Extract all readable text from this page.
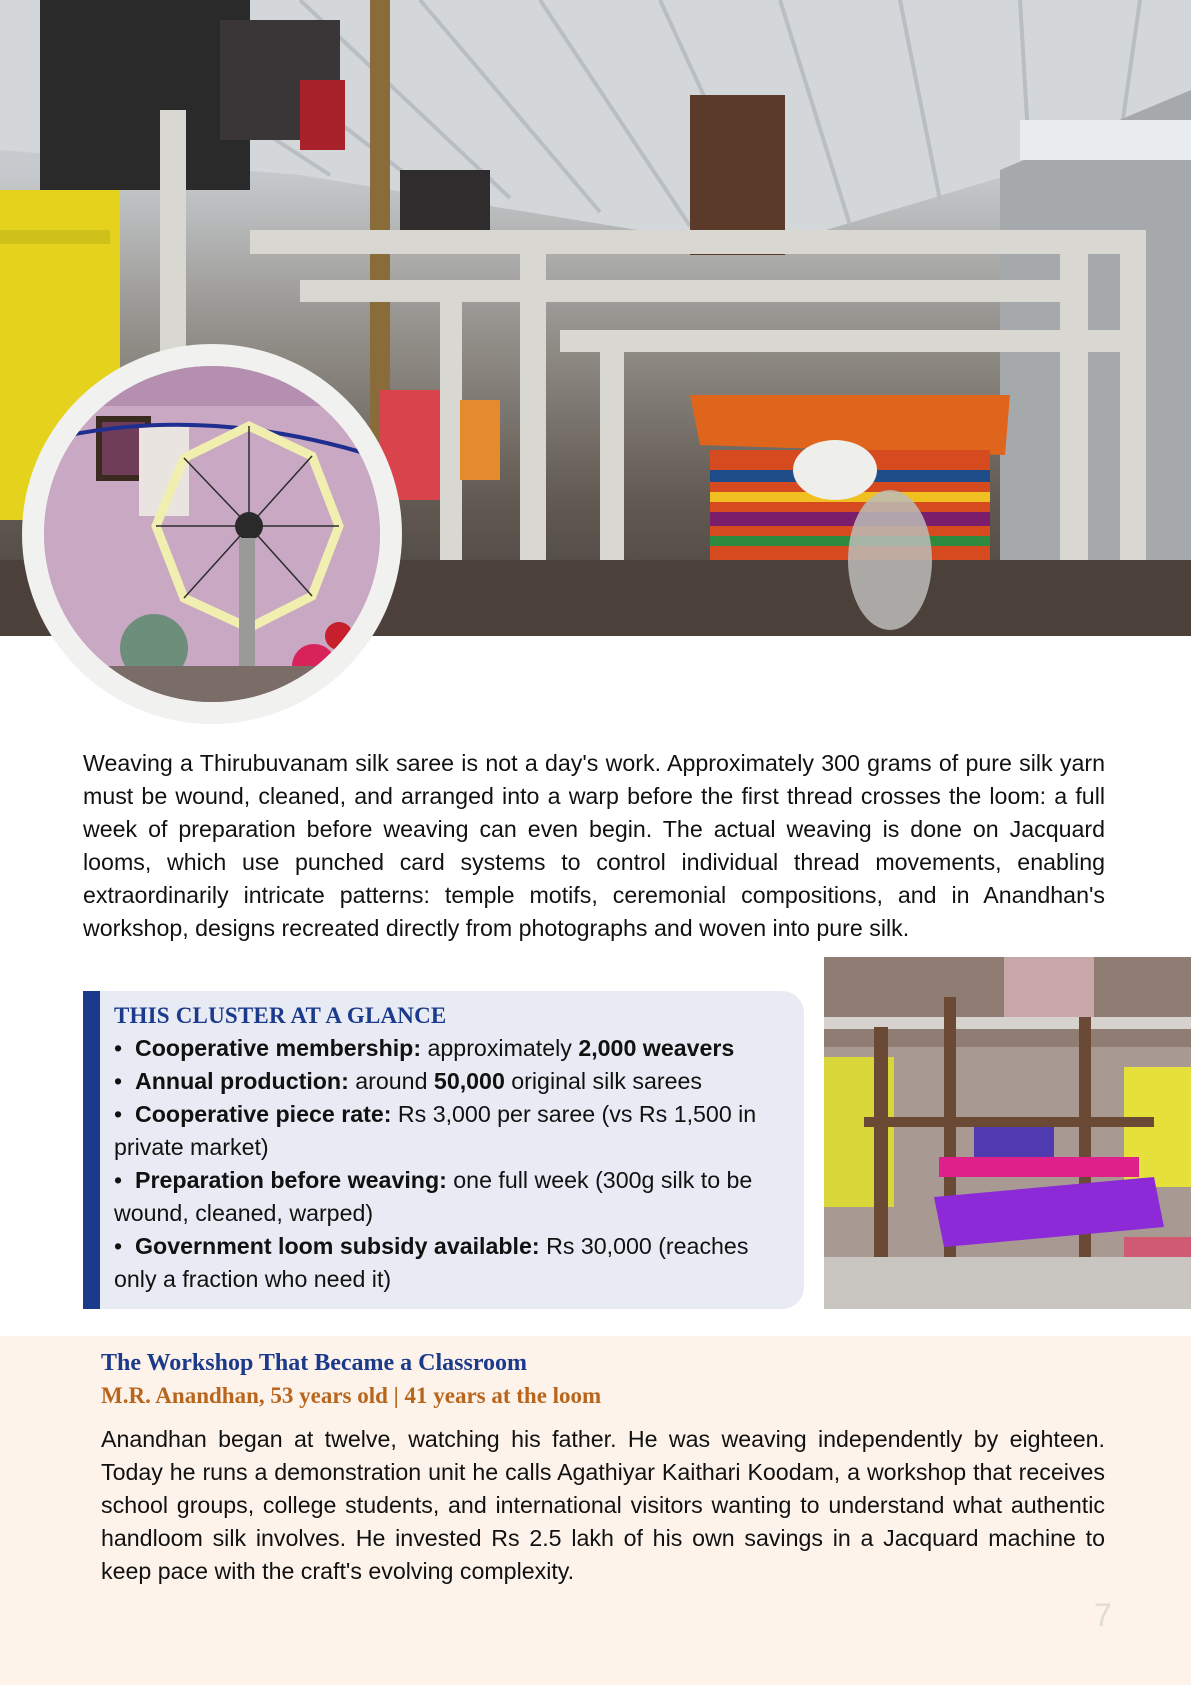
Weaving a Thirubuvanam silk saree is not a day's work. Approximately 300 grams of pure silk yarn must be wound, cleaned, and arranged into a warp before the first thread crosses the loom: a full week of preparation before weaving can even begin. The actual weaving is done on Jacquard looms, which use punched card systems to control individual thread movements, enabling extraordinarily intricate patterns: temple motifs, ceremonial compositions, and in Anandhan's workshop, designs recreated directly from photographs and woven into pure silk.

THIS CLUSTER AT A GLANCE
• Cooperative membership: approximately 2,000 weavers
• Annual production: around 50,000 original silk sarees
• Cooperative piece rate: Rs 3,000 per saree (vs Rs 1,500 in private market)
• Preparation before weaving: one full week (300g silk to be wound, cleaned, warped)
• Government loom subsidy available: Rs 30,000 (reaches only a fraction who need it)
The Workshop That Became a Classroom
M.R. Anandhan, 53 years old | 41 years at the loom

Anandhan began at twelve, watching his father. He was weaving independently by eighteen. Today he runs a demonstration unit he calls Agathiyar Kaithari Koodam, a workshop that receives school groups, college students, and international visitors wanting to understand what authentic handloom silk involves. He invested Rs 2.5 lakh of his own savings in a Jacquard machine to keep pace with the craft's evolving complexity.

7
